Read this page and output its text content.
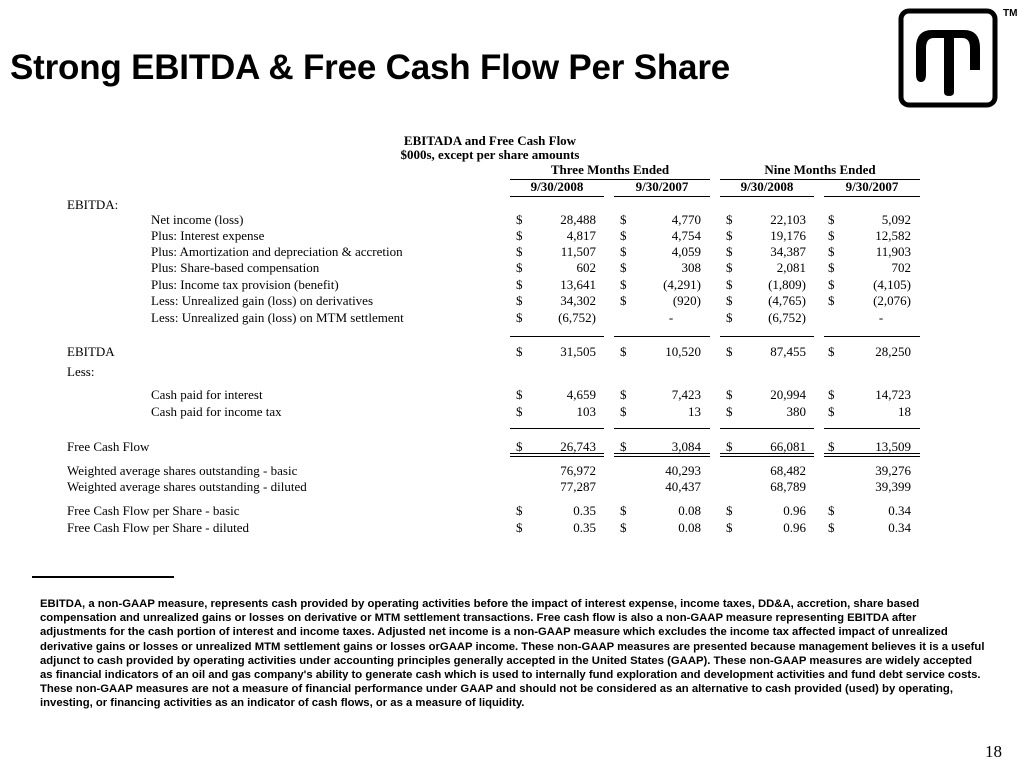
Strong EBITDA & Free Cash Flow Per Share
TM
EBITADA and Free Cash Flow
$000s, except per share amounts
Three Months Ended	Nine Months Ended
9/30/2008	9/30/2007	9/30/2008	9/30/2007
EBITDA:
Less:
Net income (loss)	$	28,488 $	4,770 $	22,103 $	5,092
Plus: Interest expense	$	4,817 $	4,754 $	19,176 $	12,582
Plus: Amortization and depreciation & accretion	$	11,507 $	4,059 $	34,387 $	11,903
Plus: Share-based compensation	$	602 $	308 $	2,081 $	702
Plus: Income tax provision (benefit)	$	13,641 $	(4,291) $	(1,809) $	(4,105)
Less: Unrealized gain (loss) on derivatives	$	34,302 $	(920) $	(4,765) $	(2,076)
Less: Unrealized gain (loss) on MTM settlement	$	(6,752)	-	$	(6,752)	-
EBITDA	$	31,505 $	10,520 $	87,455 $	28,250
Cash paid for interest	$	4,659 $	7,423 $	20,994 $	14,723
Cash paid for income tax	$	103 $	13 $	380 $	18
Free Cash Flow	$	26,743 $	3,084 $	66,081 $	13,509
Weighted average shares outstanding - basic	76,972	40,293	68,482	39,276
Weighted average shares outstanding - diluted	77,287	40,437	68,789	39,399
Free Cash Flow per Share - basic	$	0.35 $	0.08 $	0.96 $	0.34
Free Cash Flow per Share - diluted	$	0.35 $	0.08 $	0.96 $	0.34
EBITDA, a non-GAAP measure, represents cash provided by operating activities before the impact of interest expense, income taxes, DD&A, accretion, share based compensation and unrealized gains or losses on derivative or MTM settlement transactions. Free cash flow is also a non-GAAP measure representing EBITDA after adjustments for the cash portion of interest and income taxes. Adjusted net income is a non-GAAP measure which excludes the income tax affected impact of unrealized derivative gains or losses or unrealized MTM settlement gains or losses orGAAP income. These non-GAAP measures are presented because management believes it is a useful adjunct to cash provided by operating activities under accounting principles generally accepted in the United States (GAAP). These non-GAAP measures are widely accepted as financial indicators of an oil and gas company's ability to generate cash which is used to internally fund exploration and development activities and fund debt service costs. These non-GAAP measures are not a measure of financial performance under GAAP and should not be considered as an alternative to cash provided (used) by operating, investing, or financing activities as an indicator of cash flows, or as a measure of liquidity.
18
